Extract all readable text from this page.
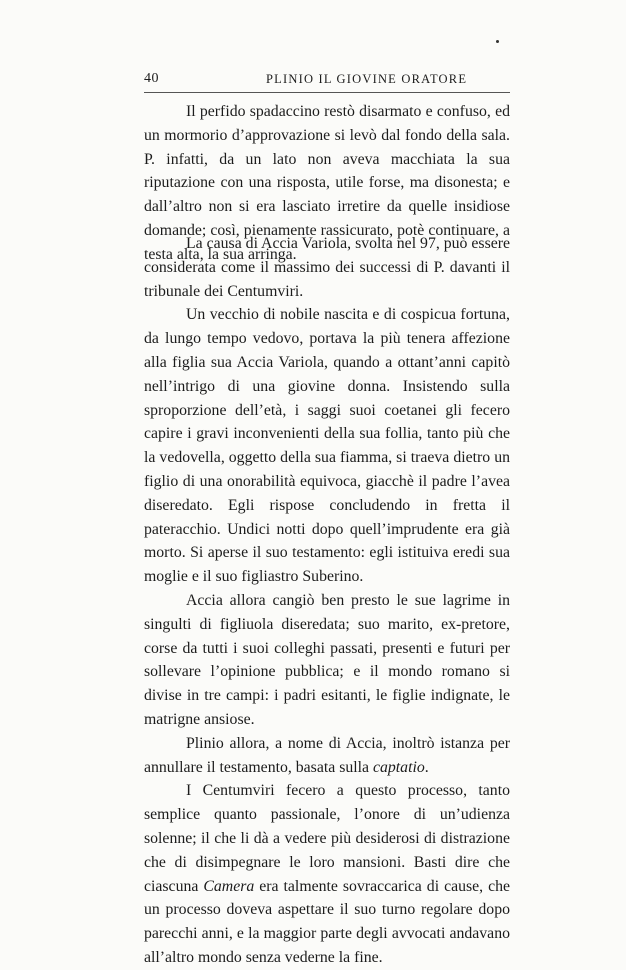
40	PLINIO IL GIOVINE ORATORE

Il perfido spadaccino restò disarmato e confuso, ed un mormorio d’approvazione si levò dal fondo della sala. P. infatti, da un lato non aveva macchiata la sua riputazione con una risposta, utile forse, ma disonesta; e dall’altro non si era lasciato irretire da quelle insidiose domande; così, pienamente rassicurato, potè continuare, a testa alta, la sua arringa.

La causa di Accia Variola, svolta nel 97, può essere considerata come il massimo dei successi di P. davanti il tribunale dei Centumviri.

Un vecchio di nobile nascita e di cospicua fortuna, da lungo tempo vedovo, portava la più tenera affezione alla figlia sua Accia Variola, quando a ottant’anni capitò nell’intrigo di una giovine donna. Insistendo sulla sproporzione dell’età, i saggi suoi coetanei gli fecero capire i gravi inconvenienti della sua follia, tanto più che la vedovella, oggetto della sua fiamma, si traeva dietro un figlio di una onorabilità equivoca, giacchè il padre l’avea diseredato. Egli rispose concludendo in fretta il pateracchio. Undici notti dopo quell’imprudente era già morto. Si aperse il suo testamento: egli istituiva eredi sua moglie e il suo figliastro Suberino.

Accia allora cangiò ben presto le sue lagrime in singulti di figliuola diseredata; suo marito, ex-pretore, corse da tutti i suoi colleghi passati, presenti e futuri per sollevare l’opinione pubblica; e il mondo romano si divise in tre campi: i padri esitanti, le figlie indignate, le matrigne ansiose.

Plinio allora, a nome di Accia, inoltrò istanza per annullare il testamento, basata sulla captatio.

I Centumviri fecero a questo processo, tanto semplice quanto passionale, l’onore di un’udienza solenne; il che li dà a vedere più desiderosi di distrazione che di disimpegnare le loro mansioni. Basti dire che ciascuna Camera era talmente sovraccarica di cause, che un processo doveva aspettare il suo turno regolare dopo parecchi anni, e la maggior parte degli avvocati andavano all’altro mondo senza vederne la fine.
